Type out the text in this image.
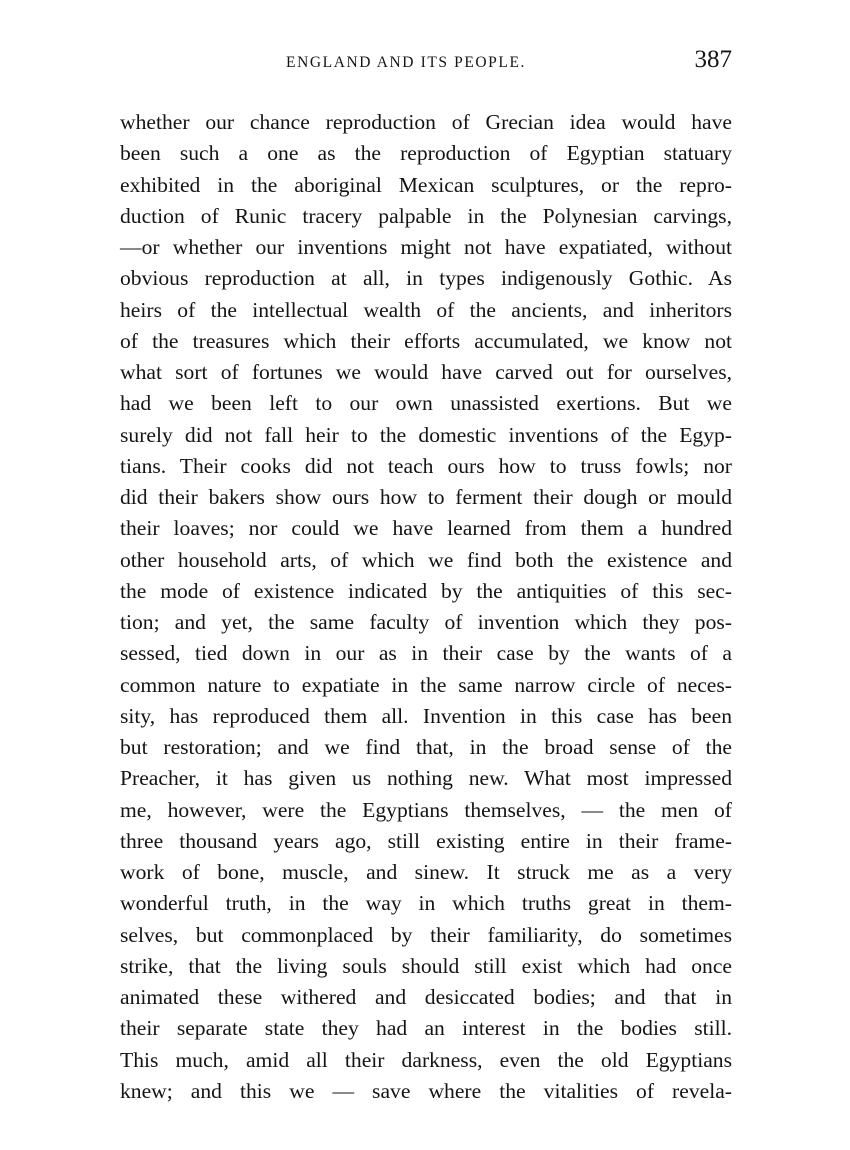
ENGLAND AND ITS PEOPLE.	387
whether our chance reproduction of Grecian idea would have
been such a one as the reproduction of Egyptian statuary
exhibited in the aboriginal Mexican sculptures, or the repro-
duction of Runic tracery palpable in the Polynesian carvings,
—or whether our inventions might not have expatiated, without
obvious reproduction at all, in types indigenously Gothic. As
heirs of the intellectual wealth of the ancients, and inheritors
of the treasures which their efforts accumulated, we know not
what sort of fortunes we would have carved out for ourselves,
had we been left to our own unassisted exertions. But we
surely did not fall heir to the domestic inventions of the Egyp-
tians. Their cooks did not teach ours how to truss fowls; nor
did their bakers show ours how to ferment their dough or mould
their loaves; nor could we have learned from them a hundred
other household arts, of which we find both the existence and
the mode of existence indicated by the antiquities of this sec-
tion; and yet, the same faculty of invention which they pos-
sessed, tied down in our as in their case by the wants of a
common nature to expatiate in the same narrow circle of neces-
sity, has reproduced them all. Invention in this case has been
but restoration; and we find that, in the broad sense of the
Preacher, it has given us nothing new. What most impressed
me, however, were the Egyptians themselves, — the men of
three thousand years ago, still existing entire in their frame-
work of bone, muscle, and sinew. It struck me as a very
wonderful truth, in the way in which truths great in them-
selves, but commonplaced by their familiarity, do sometimes
strike, that the living souls should still exist which had once
animated these withered and desiccated bodies; and that in
their separate state they had an interest in the bodies still.
This much, amid all their darkness, even the old Egyptians
knew; and this we — save where the vitalities of revela-
